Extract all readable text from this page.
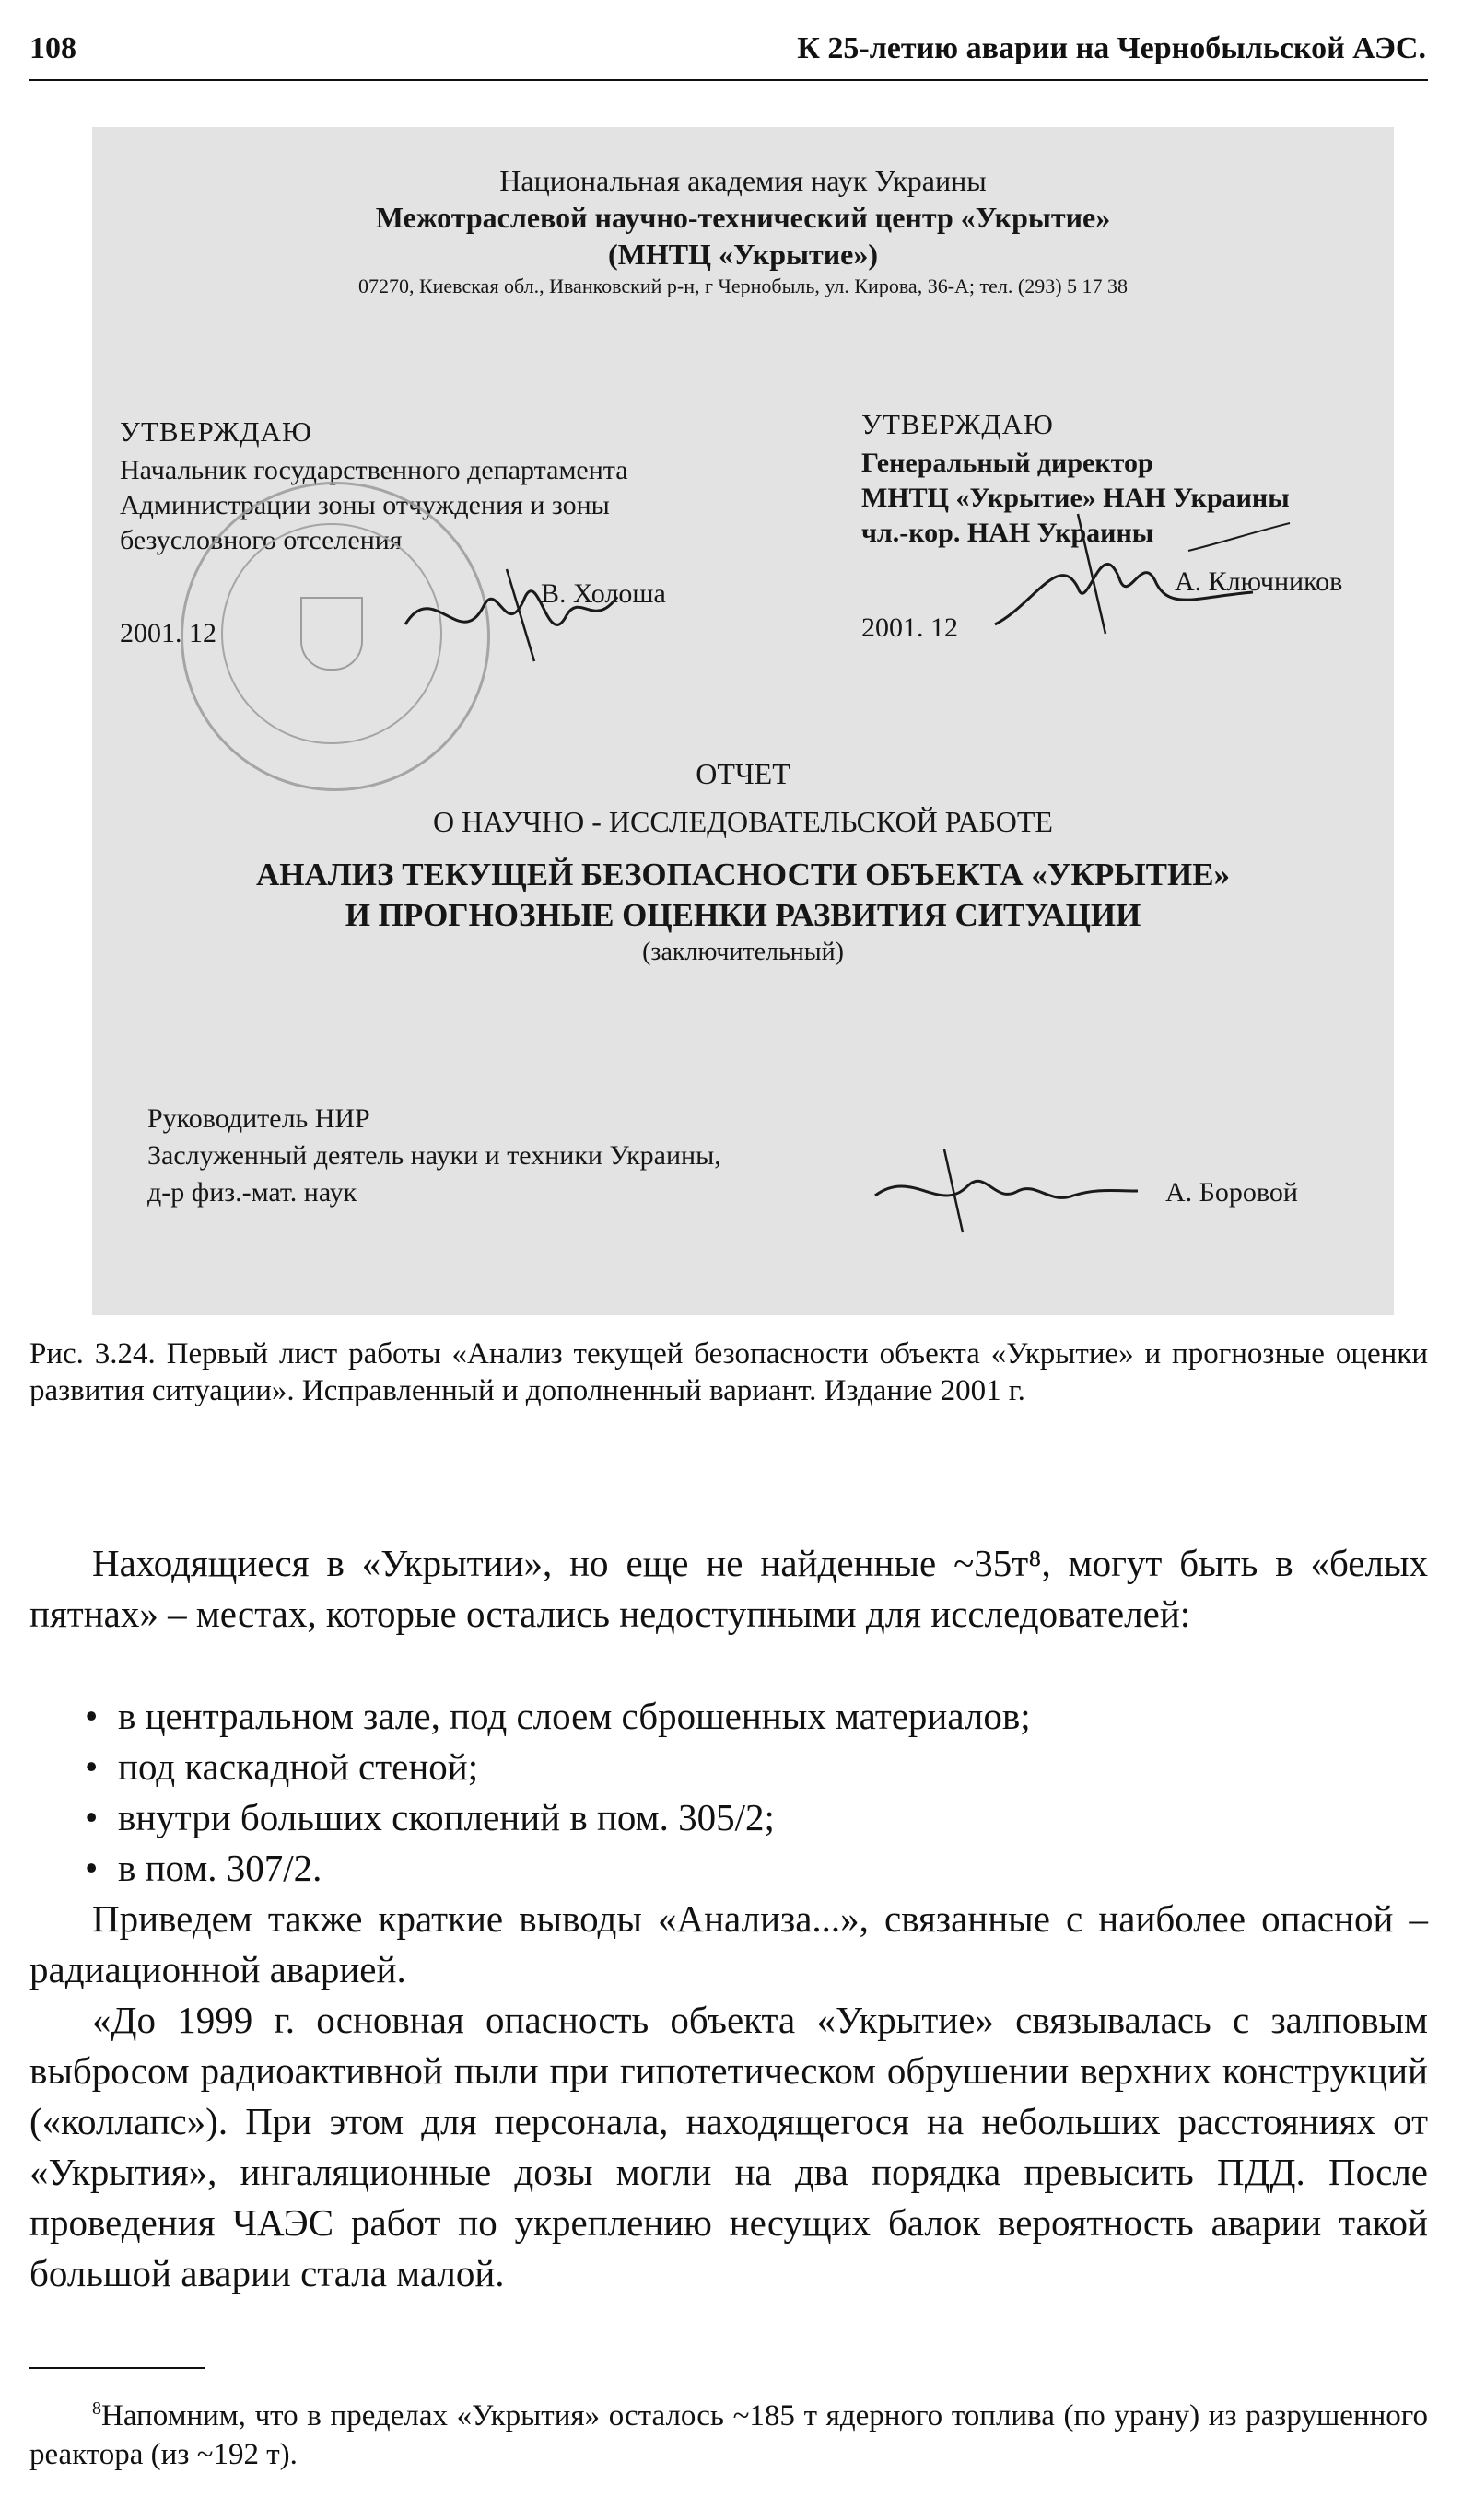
108	К 25-летию аварии на Чернобыльской АЭС.
Национальная академия наук Украины
Межотраслевой научно-технический центр «Укрытие»
(МНТЦ «Укрытие»)
07270, Киевская обл., Иванковский р-н, г Чернобыль, ул. Кирова, 36-А; тел. (293) 5 17 38
УТВЕРЖДАЮ
Начальник государственного департамента
Администрации зоны отчуждения и зоны
безусловного отселения
В. Холоша
2001. 12
УТВЕРЖДАЮ
Генеральный директор
МНТЦ «Укрытие» НАН Украины
чл.-кор. НАН Украины
А. Ключников
2001. 12
ОТЧЕТ
О НАУЧНО - ИССЛЕДОВАТЕЛЬСКОЙ РАБОТЕ
АНАЛИЗ ТЕКУЩЕЙ БЕЗОПАСНОСТИ ОБЪЕКТА «УКРЫТИЕ»
И ПРОГНОЗНЫЕ ОЦЕНКИ РАЗВИТИЯ СИТУАЦИИ
(заключительный)
Руководитель НИР
Заслуженный деятель науки и техники Украины,
д-р физ.-мат. наук	А. Боровой
Рис. 3.24. Первый лист работы «Анализ текущей безопасности объекта «Укрытие» и прогнозные оценки развития ситуации». Исправленный и дополненный вариант. Издание 2001 г.
Находящиеся в «Укрытии», но еще не найденные ~35т⁸, могут быть в «белых пятнах» – местах, которые остались недоступными для исследователей:
• в центральном зале, под слоем сброшенных материалов;
• под каскадной стеной;
• внутри больших скоплений в пом. 305/2;
• в пом. 307/2.
Приведем также краткие выводы «Анализа...», связанные с наиболее опасной – радиационной аварией.
«До 1999 г. основная опасность объекта «Укрытие» связывалась с залповым выбросом радиоактивной пыли при гипотетическом обрушении верхних конструкций («коллапс»). При этом для персонала, находящегося на небольших расстояниях от «Укрытия», ингаляционные дозы могли на два порядка превысить ПДД. После проведения ЧАЭС работ по укреплению несущих балок вероятность аварии такой большой аварии стала малой.
$^8$Напомним, что в пределах «Укрытия» осталось ~185 т ядерного топлива (по урану) из разрушенного реактора (из ~192 т).
